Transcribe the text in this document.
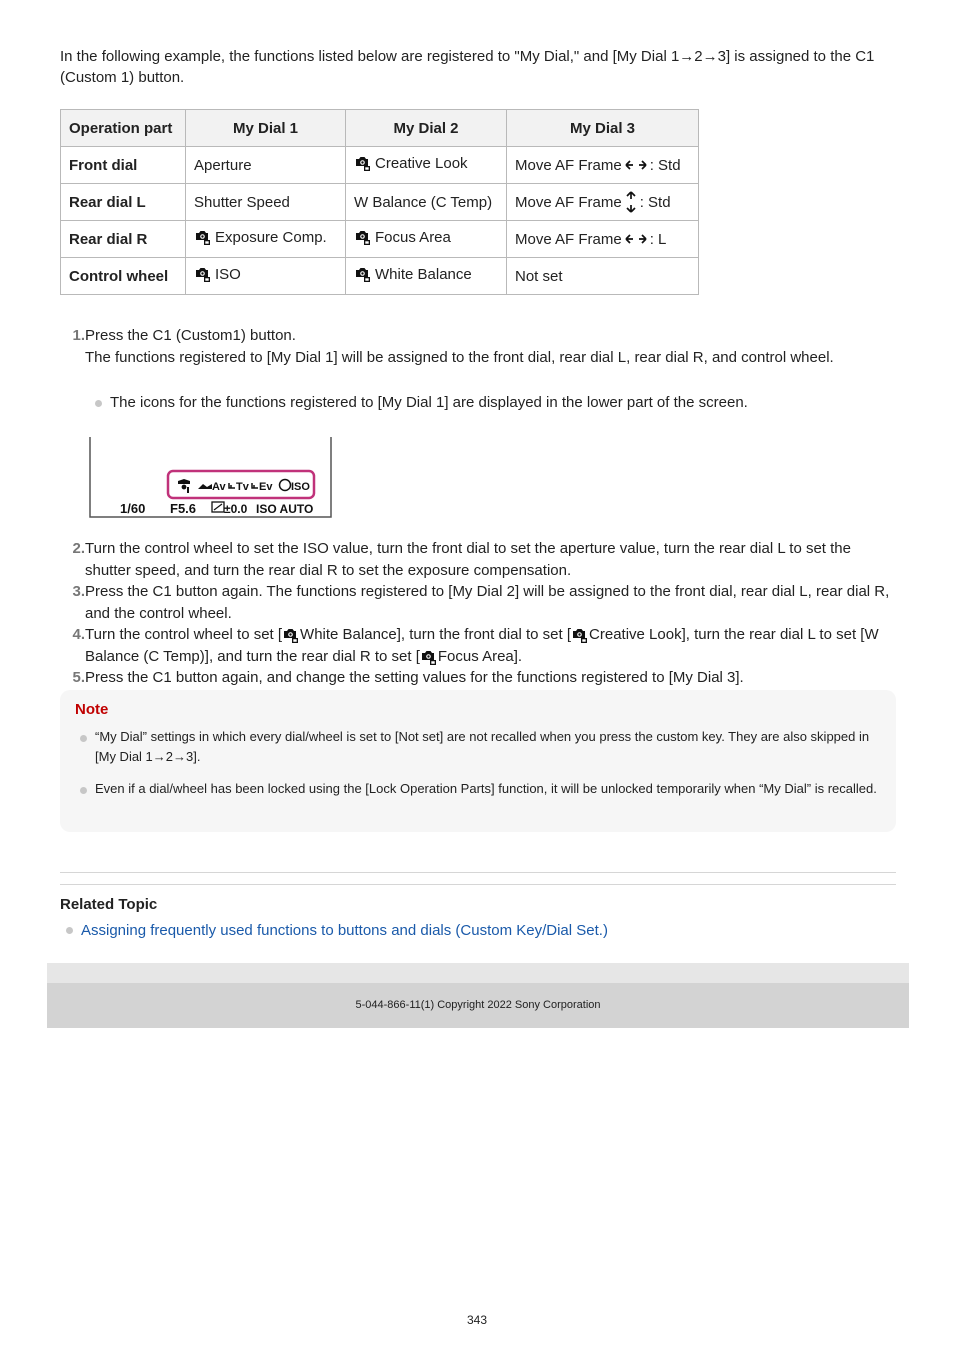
In the following example, the functions listed below are registered to "My Dial," and [My Dial 1→2→3] is assigned to the C1 (Custom 1) button.
Operation part	My Dial 1	My Dial 2	My Dial 3
Front dial	Aperture	Creative Look	Move AF Frame : Std

Rear dial L	Shutter Speed	W Balance (C Temp)	Move AF Frame : Std

Rear dial R	Exposure Comp.	Focus Area	Move AF Frame : L

Control wheel	ISO	White Balance	Not set
1. Press the C1 (Custom1) button.

The functions registered to [My Dial 1] will be assigned to the front dial, rear dial L, rear dial R, and control wheel.

The icons for the functions registered to [My Dial 1] are displayed in the lower part of the screen.
Av Tv Ev ISO
1/60 F5.6 ±0.0 ISO AUTO
2. Turn the control wheel to set the ISO value, turn the front dial to set the aperture value, turn the rear dial L to set the shutter speed, and turn the rear dial R to set the exposure compensation.

3. Press the C1 button again. The functions registered to [My Dial 2] will be assigned to the front dial, rear dial L, rear dial R, and the control wheel.

4. Turn the control wheel to set [ White Balance], turn the front dial to set [ Creative Look], turn the rear dial L to set [W Balance (C Temp)], and turn the rear dial R to set [ Focus Area].

5. Press the C1 button again, and change the setting values for the functions registered to [My Dial 3].

Note
“My Dial” settings in which every dial/wheel is set to [Not set] are not recalled when you press the custom key. They are also skipped in [My Dial 1→2→3].
Even if a dial/wheel has been locked using the [Lock Operation Parts] function, it will be unlocked temporarily when “My Dial” is recalled.
Related Topic
Assigning frequently used functions to buttons and dials (Custom Key/Dial Set.)
5-044-866-11(1) Copyright 2022 Sony Corporation
343
